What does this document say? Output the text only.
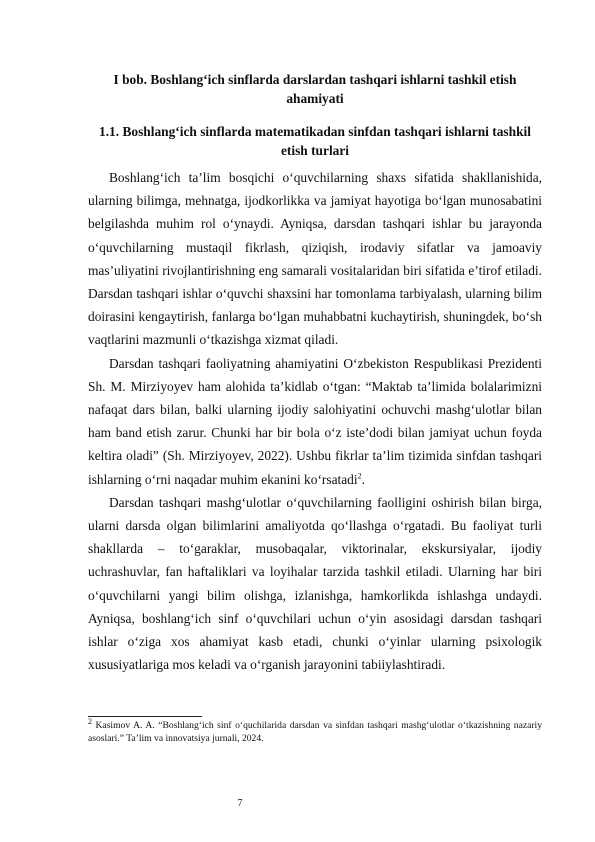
I bob. Boshlang‘ich sinflarda darslardan tashqari ishlarni tashkil etish ahamiyati
1.1. Boshlang‘ich sinflarda matematikadan sinfdan tashqari ishlarni tashkil etish turlari

Boshlang‘ich ta’lim bosqichi o‘quvchilarning shaxs sifatida shakllanishida, ularning bilimga, mehnatga, ijodkorlikka va jamiyat hayotiga bo‘lgan munosabatini belgilashda muhim rol o‘ynaydi. Ayniqsa, darsdan tashqari ishlar bu jarayonda o‘quvchilarning mustaqil fikrlash, qiziqish, irodaviy sifatlar va jamoaviy mas’uliyatini rivojlantirishning eng samarali vositalaridan biri sifatida e’tirof etiladi. Darsdan tashqari ishlar o‘quvchi shaxsini har tomonlama tarbiyalash, ularning bilim doirasini kengaytirish, fanlarga bo‘lgan muhabbatni kuchaytirish, shuningdek, bo‘sh vaqtlarini mazmunli o‘tkazishga xizmat qiladi.

Darsdan tashqari faoliyatning ahamiyatini O‘zbekiston Respublikasi Prezidenti Sh. M. Mirziyoyev ham alohida ta’kidlab o‘tgan: “Maktab ta’limida bolalarimizni nafaqat dars bilan, balki ularning ijodiy salohiyatini ochuvchi mashg‘ulotlar bilan ham band etish zarur. Chunki har bir bola o‘z iste’dodi bilan jamiyat uchun foyda keltira oladi” (Sh. Mirziyoyev, 2022). Ushbu fikrlar ta’lim tizimida sinfdan tashqari ishlarning o‘rni naqadar muhim ekanini ko‘rsatadi$^2$.

Darsdan tashqari mashg‘ulotlar o‘quvchilarning faolligini oshirish bilan birga, ularni darsda olgan bilimlarini amaliyotda qo‘llashga o‘rgatadi. Bu faoliyat turli shakllarda – to‘garaklar, musobaqalar, viktorinalar, ekskursiyalar, ijodiy uchrashuvlar, fan haftaliklari va loyihalar tarzida tashkil etiladi. Ularning har biri o‘quvchilarni yangi bilim olishga, izlanishga, hamkorlikda ishlashga undaydi. Ayniqsa, boshlang‘ich sinf o‘quvchilari uchun o‘yin asosidagi darsdan tashqari ishlar o‘ziga xos ahamiyat kasb etadi, chunki o‘yinlar ularning psixologik xususiyatlariga mos keladi va o‘rganish jarayonini tabiiylashtiradi.

$^2$ Kasimov A. A. “Boshlang‘ich sinf o‘quchilarida darsdan va sinfdan tashqari mashg‘ulotlar o‘tkazishning nazariy asoslari.” Ta’lim va innovatsiya jurnali, 2024.
7
